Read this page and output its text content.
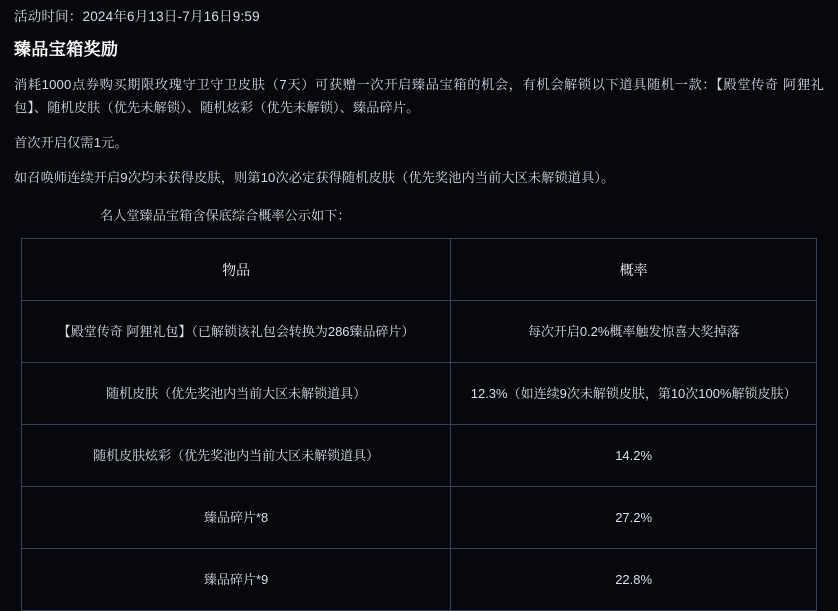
活动时间：2024年6月13日-7月16日9:59
臻品宝箱奖励
消耗1000点券购买期限玫瑰守卫守卫皮肤（7天）可获赠一次开启臻品宝箱的机会，有机会解锁以下道具随机一款：【殿堂传奇 阿狸礼包】、随机皮肤（优先未解锁）、随机炫彩（优先未解锁）、臻品碎片。
首次开启仅需1元。
如召唤师连续开启9次均未获得皮肤，则第10次必定获得随机皮肤（优先奖池内当前大区未解锁道具）。
名人堂臻品宝箱含保底综合概率公示如下：
物品	概率
【殿堂传奇 阿狸礼包】（已解锁该礼包会转换为286臻品碎片）	每次开启0.2%概率触发惊喜大奖掉落
随机皮肤（优先奖池内当前大区未解锁道具）	12.3%（如连续9次未解锁皮肤，第10次100%解锁皮肤）
随机皮肤炫彩（优先奖池内当前大区未解锁道具）	14.2%
臻品碎片*8	27.2%
臻品碎片*9	22.8%
